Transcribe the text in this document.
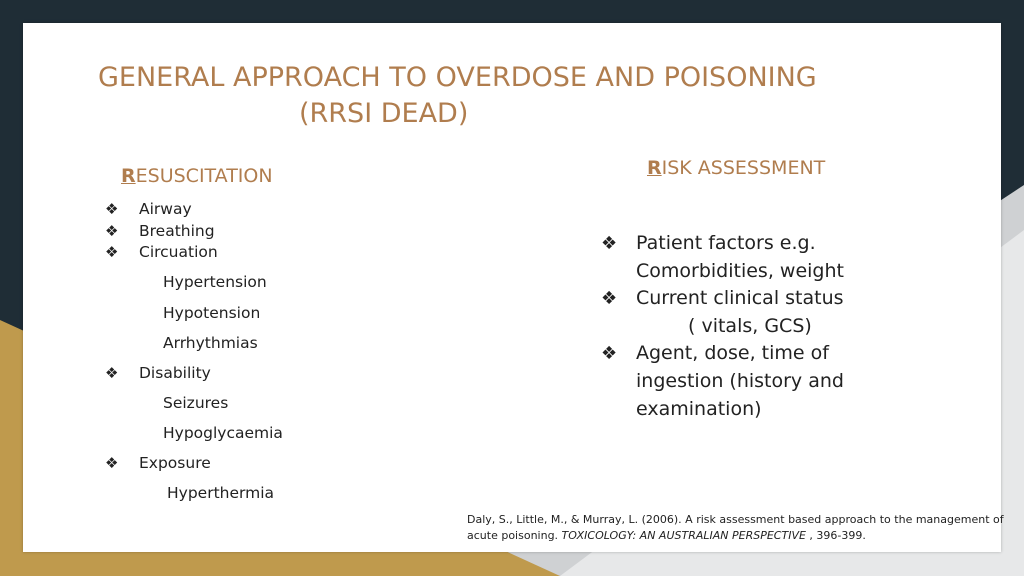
GENERAL APPROACH TO OVERDOSE AND POISONING
(RRSI DEAD)
RESUSCITATION
❖ Airway
❖ Breathing
❖ Circuation
Hypertension
Hypotension
Arrhythmias
❖ Disability
Seizures
Hypoglycaemia
❖ Exposure
Hyperthermia
RISK ASSESSMENT
❖ Patient factors e.g.
Comorbidities, weight
❖ Current clinical status
( vitals, GCS)
❖ Agent, dose, time of
ingestion (history and
examination)
Daly, S., Little, M., & Murray, L. (2006). A risk assessment based approach to the management of acute poisoning. TOXICOLOGY: AN AUSTRALIAN PERSPECTIVE , 396-399.
